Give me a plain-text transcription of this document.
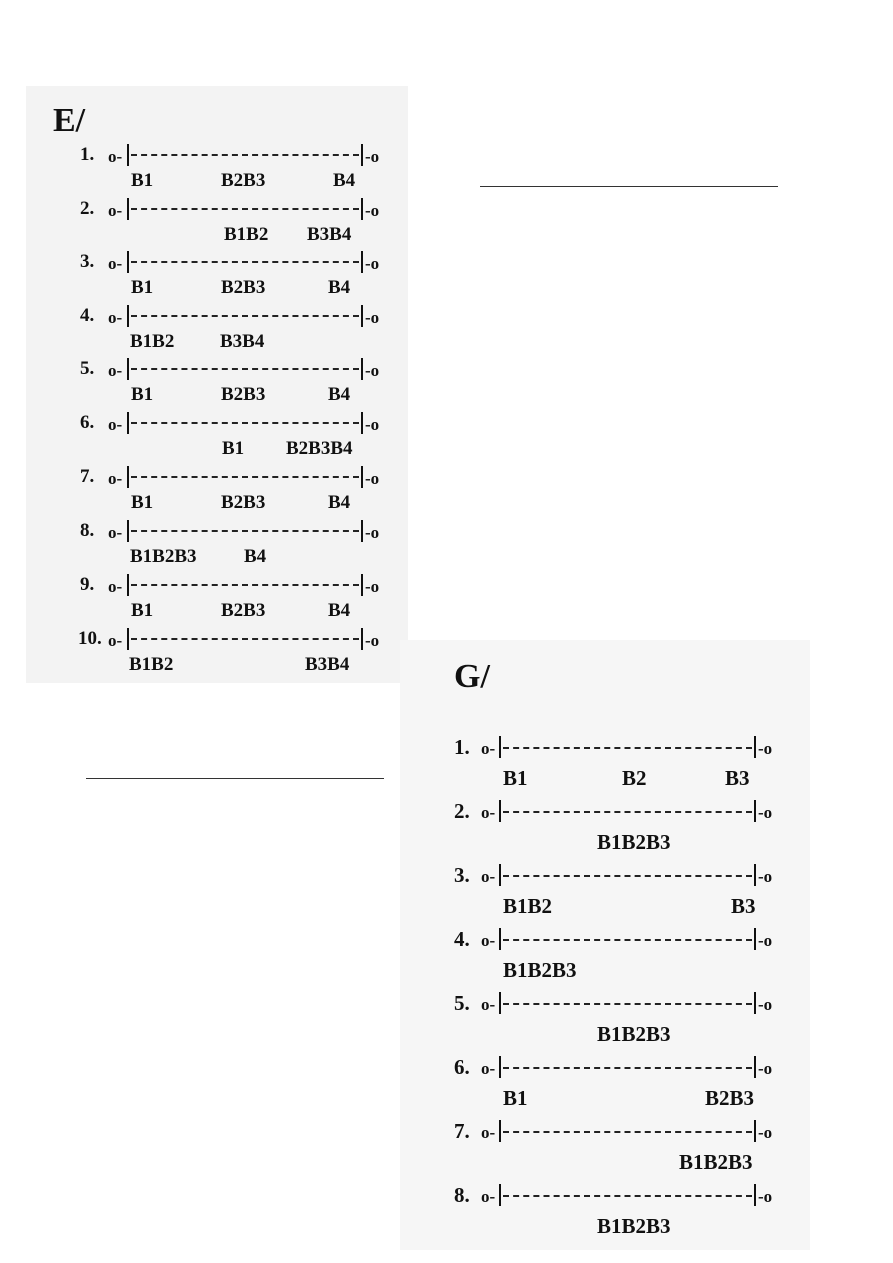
E/
1. o-	-o
B1	B2B3	B4
2. o-	-o
B1B2 B3B4
3. o-	-o
B1	B2B3	B4
4. o-	-o
B1B2 B3B4
5. o-	-o
B1	B2B3	B4
6. o-	-o
B1 B2B3B4
7. o-	-o
B1	B2B3	B4
8. o-	-o
B1B2B3 B4
9. o-	-o
B1	B2B3	B4
10. o-	-o
B1B2	B3B4	G/
1. o-	-o
B1	B2	B3
2. o-	-o
B1B2B3
3. o-	-o
B1B2	B3
4. o-	-o
B1B2B3
5. o-	-o
B1B2B3
6. o-	-o
B1	B2B3
7. o-	-o
B1B2B3
8. o-	-o
B1B2B3
